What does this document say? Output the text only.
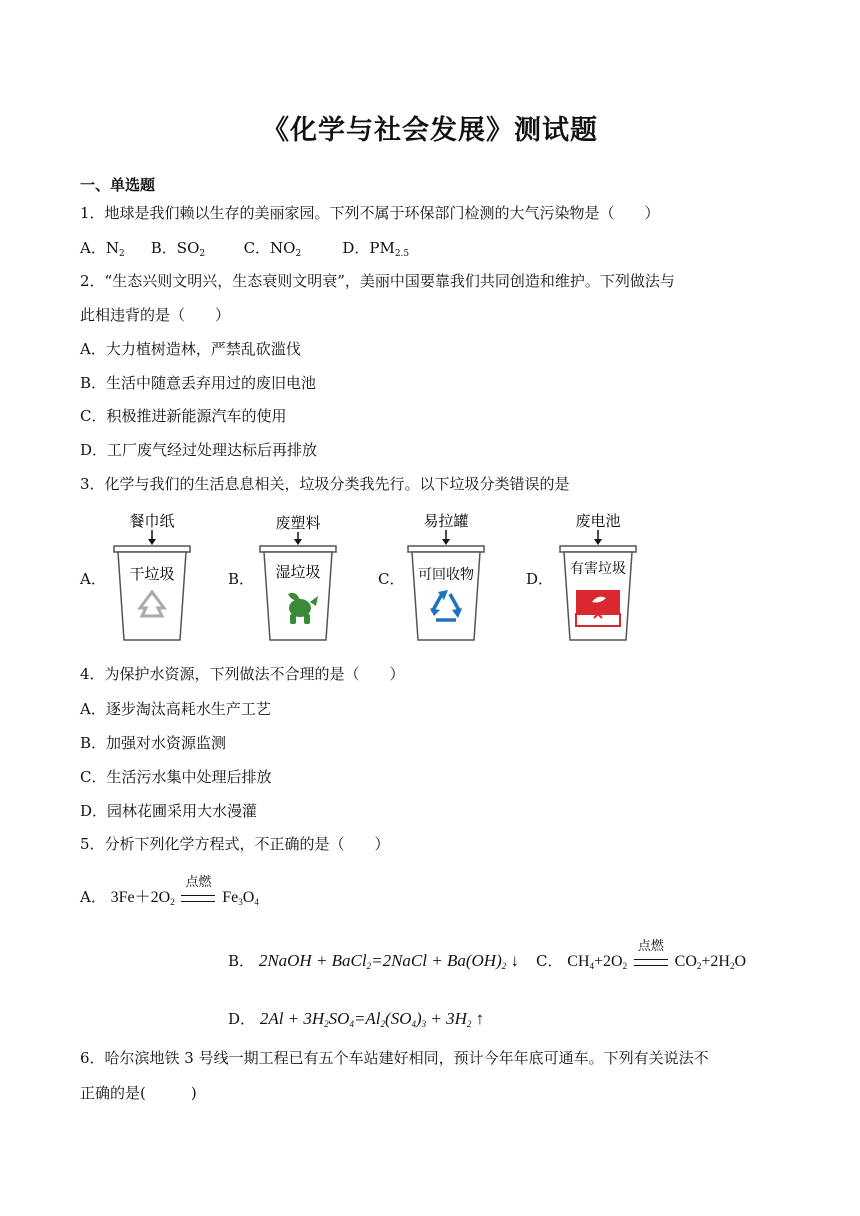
《化学与社会发展》测试题
一、单选题
1．地球是我们赖以生存的美丽家园。下列不属于环保部门检测的大气污染物是（　　）
A．$N_2$ B．$SO_2$	C．$NO_2$	D．$PM_{2.5}$
2．“生态兴则文明兴，生态衰则文明衰”，美丽中国要靠我们共同创造和维护。下列做法与
此相违背的是（　　）
A．大力植树造林，严禁乱砍滥伐
B．生活中随意丢弃用过的废旧电池
C．积极推进新能源汽车的使用
D．工厂废气经过处理达标后再排放
3．化学与我们的生活息息相关，垃圾分类我先行。以下垃圾分类错误的是
A．
餐巾纸
干垃圾	B．
废塑料
湿垃圾	C．
易拉罐
可回收物	D．
废电池
有害垃圾
4．为保护水资源，下列做法不合理的是（　　）
A．逐步淘汰高耗水生产工艺
B．加强对水资源监测
C．生活污水集中处理后排放
D．园林花圃采用大水漫灌
5．分析下列化学方程式，不正确的是（　　）
A． $3Fe+2O_2$
点燃
$Fe_3O_4$
B． 2NaOH + BaCl$_2$=2NaCl + $Ba(OH)_2$ ↓ C． $CH_4+2O_2$
点燃
$CO_2+2H_2O$
D． $2Al + 3H_2SO_4=Al_2(SO_4)_3 + 3H_2$ ↑
6．哈尔滨地铁 3 号线一期工程已有五个车站建好相同，预计今年年底可通车。下列有关说法不
正确的是(　　　)
